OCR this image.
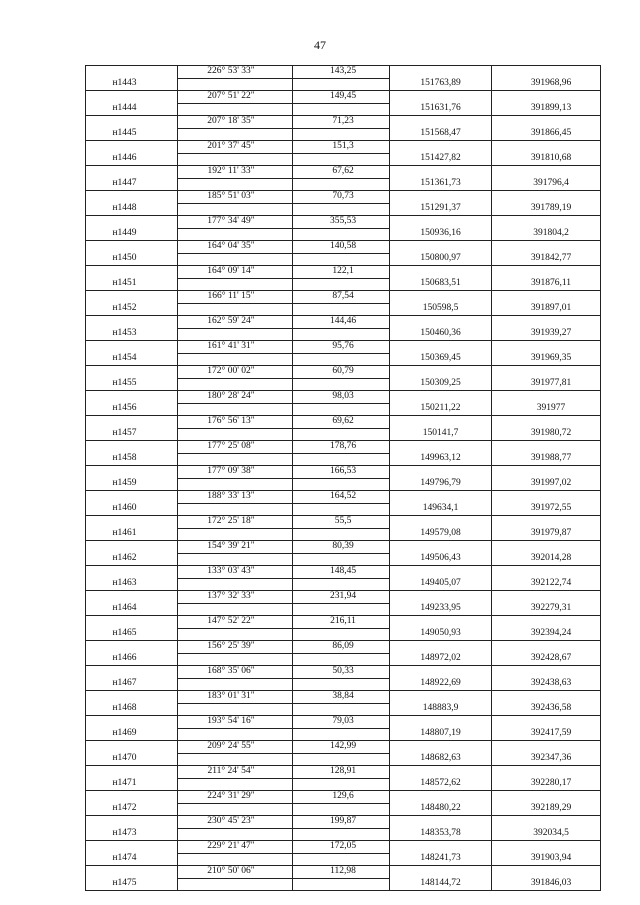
47
	226° 53' 33"	143,25		
н1443			151763,89	391968,96
	207° 51' 22"	149,45		
н1444			151631,76	391899,13
	207° 18' 35"	71,23		
н1445			151568,47	391866,45
	201° 37' 45"	151,3		
н1446			151427,82	391810,68
	192° 11' 33"	67,62		
н1447			151361,73	391796,4
	185° 51' 03"	70,73		
н1448			151291,37	391789,19
	177° 34' 49"	355,53		
н1449			150936,16	391804,2
	164° 04' 35"	140,58		
н1450			150800,97	391842,77
	164° 09' 14"	122,1		
н1451			150683,51	391876,11
	166° 11' 15"	87,54		
н1452			150598,5	391897,01
	162° 59' 24"	144,46		
н1453			150460,36	391939,27
	161° 41' 31"	95,76		
н1454			150369,45	391969,35
	172° 00' 02"	60,79		
н1455			150309,25	391977,81
	180° 28' 24"	98,03		
н1456			150211,22	391977
	176° 56' 13"	69,62		
н1457			150141,7	391980,72
	177° 25' 08"	178,76		
н1458			149963,12	391988,77
	177° 09' 38"	166,53		
н1459			149796,79	391997,02
	188° 33' 13"	164,52		
н1460			149634,1	391972,55
	172° 25' 18"	55,5		
н1461			149579,08	391979,87
	154° 39' 21"	80,39		
н1462			149506,43	392014,28
	133° 03' 43"	148,45		
н1463			149405,07	392122,74
	137° 32' 33"	231,94		
н1464			149233,95	392279,31
	147° 52' 22"	216,11		
н1465			149050,93	392394,24
	156° 25' 39"	86,09		
н1466			148972,02	392428,67
	168° 35' 06"	50,33		
н1467			148922,69	392438,63
	183° 01' 31"	38,84		
н1468			148883,9	392436,58
	193° 54' 16"	79,03		
н1469			148807,19	392417,59
	209° 24' 55"	142,99		
н1470			148682,63	392347,36
	211° 24' 54"	128,91		
н1471			148572,62	392280,17
	224° 31' 29"	129,6		
н1472			148480,22	392189,29
	230° 45' 23"	199,87		
н1473			148353,78	392034,5
	229° 21' 47"	172,05		
н1474			148241,73	391903,94
	210° 50' 06"	112,98		
н1475			148144,72	391846,03
